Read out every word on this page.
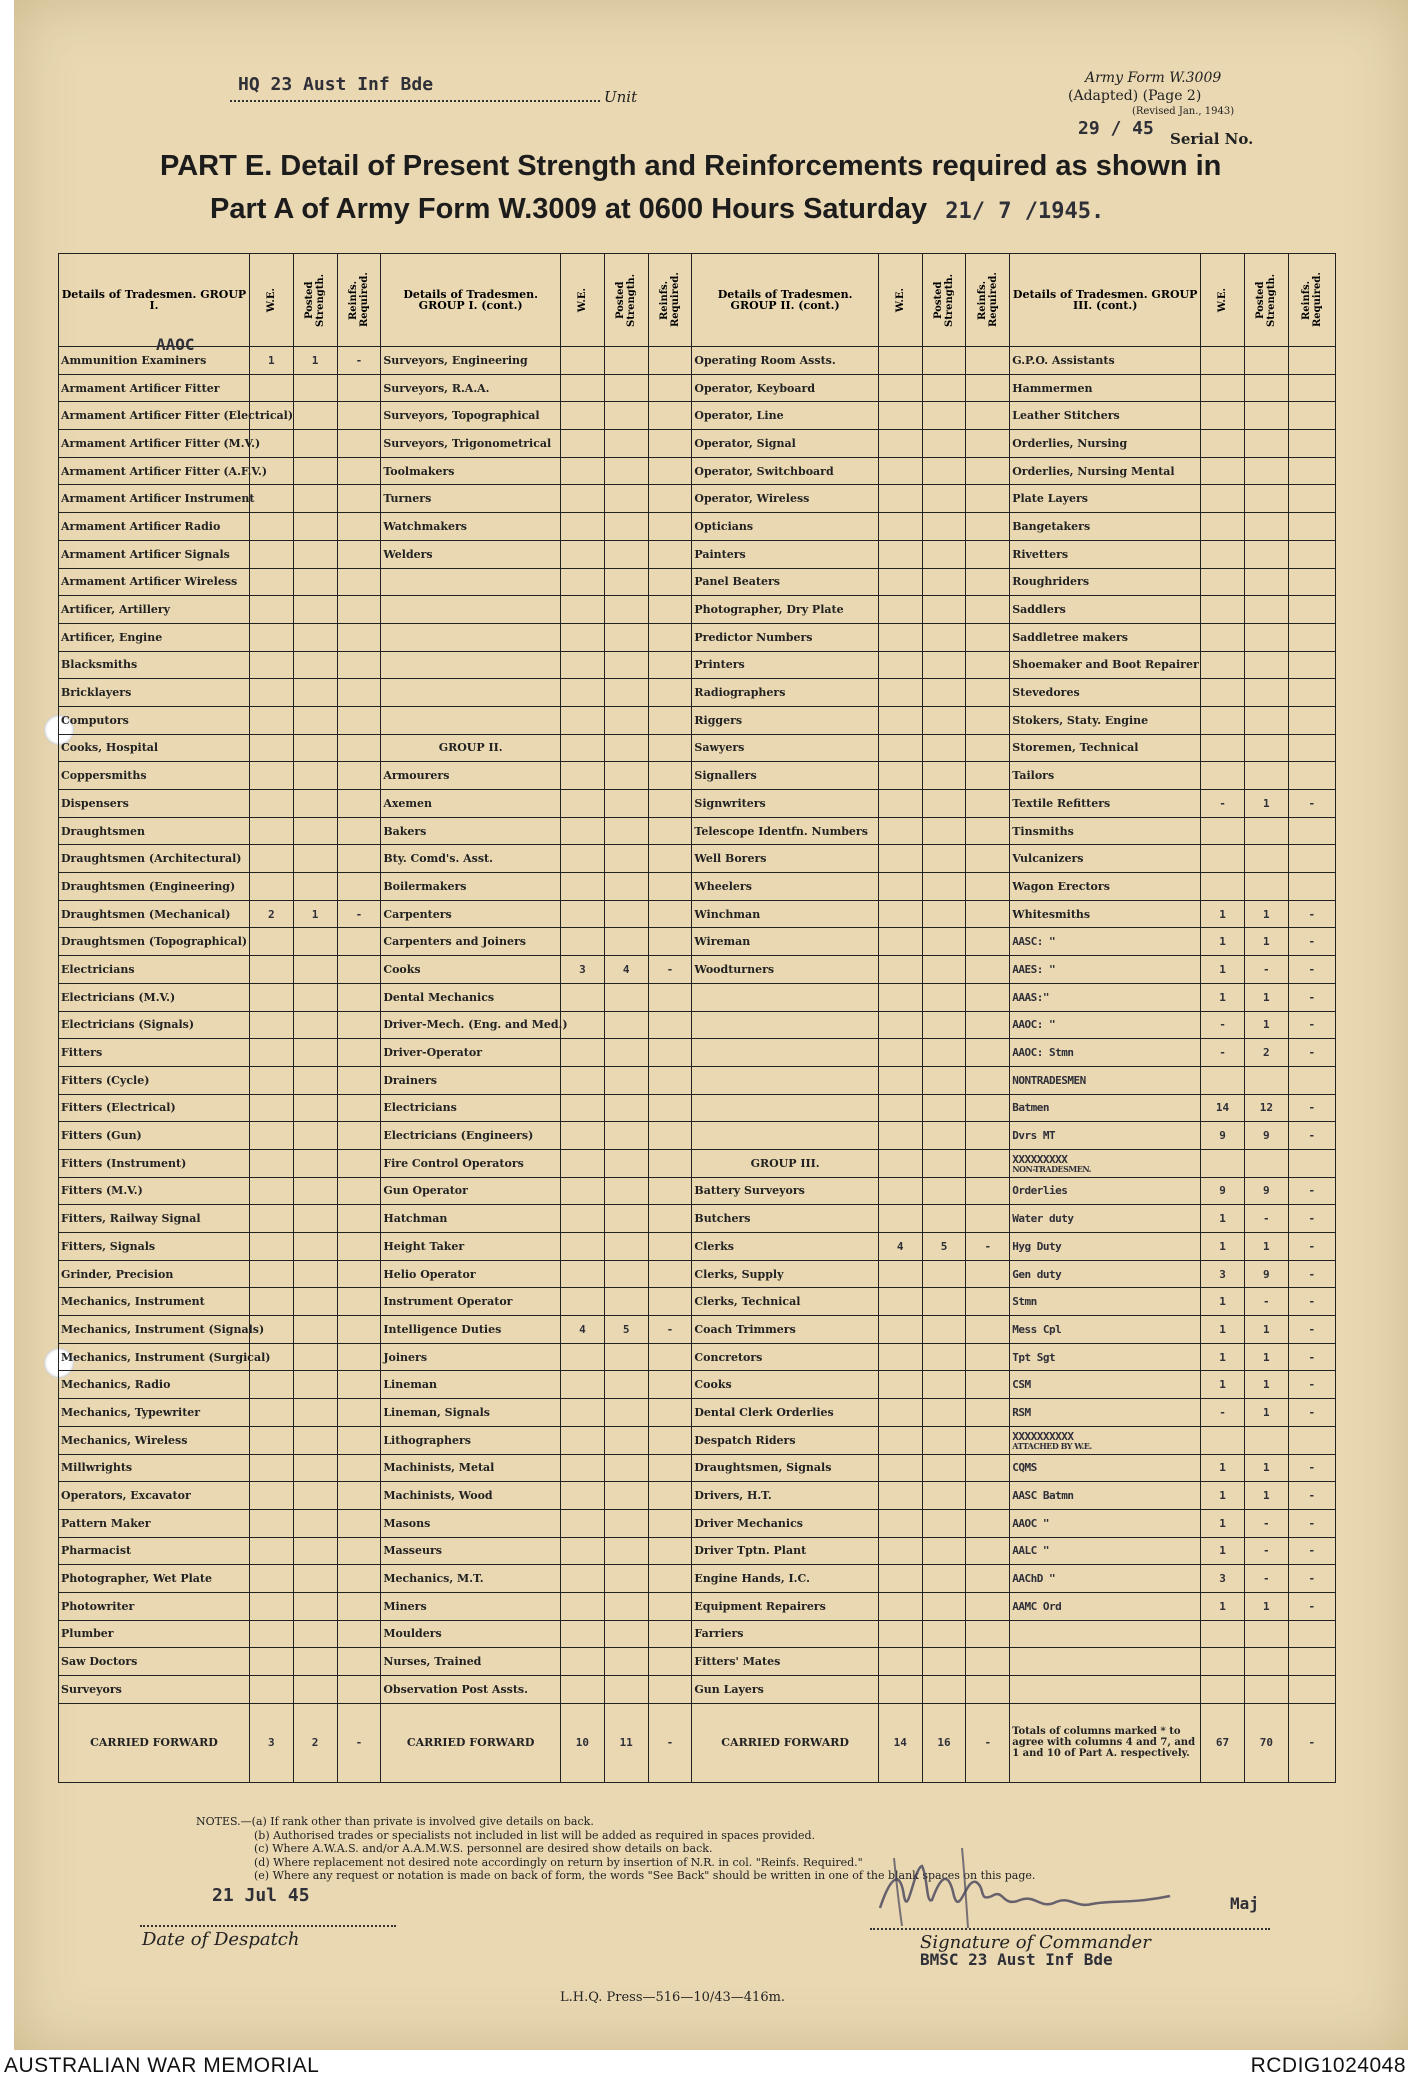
HQ 23 Aust Inf Bde
Unit
Army Form W.3009
(Adapted) (Page 2)
(Revised Jan., 1943)
29 / 45 Serial No.
PART E. Detail of Present Strength and Reinforcements required as shown in
Part A of Army Form W.3009 at 0600 Hours Saturday 21/ 7 /1945.
Details of Tradesmen. GROUP I.	W.E.	Posted Strength.	Reinfs. Required.	Details of Tradesmen. GROUP I. (cont.)	W.E.	Posted Strength.	Reinfs. Required.	Details of Tradesmen. GROUP II. (cont.)	W.E.	Posted Strength.	Reinfs. Required.	Details of Tradesmen. GROUP III. (cont.)	W.E.	Posted Strength.	Reinfs. Required.

Ammunition Examiners	1	1	-	Surveyors, Engineering				Operating Room Assts.				G.P.O. Assistants			
Armament Artificer Fitter				Surveyors, R.A.A.				Operator, Keyboard				Hammermen			
Armament Artificer Fitter (Electrical)				Surveyors, Topographical				Operator, Line				Leather Stitchers			
Armament Artificer Fitter (M.V.)				Surveyors, Trigonometrical				Operator, Signal				Orderlies, Nursing			
Armament Artificer Fitter (A.F.V.)				Toolmakers				Operator, Switchboard				Orderlies, Nursing Mental			
Armament Artificer Instrument				Turners				Operator, Wireless				Plate Layers			
Armament Artificer Radio				Watchmakers				Opticians				Bangetakers			
Armament Artificer Signals				Welders				Painters				Rivetters			
Armament Artificer Wireless								Panel Beaters				Roughriders			
Artificer, Artillery								Photographer, Dry Plate				Saddlers			
Artificer, Engine								Predictor Numbers				Saddletree makers			
Blacksmiths								Printers				Shoemaker and Boot Repairer			
Bricklayers								Radiographers				Stevedores			
Computors								Riggers				Stokers, Staty. Engine			
Cooks, Hospital				GROUP II.				Sawyers				Storemen, Technical			
Coppersmiths				Armourers				Signallers				Tailors			
Dispensers				Axemen				Signwriters				Textile Refitters	-	1	-
Draughtsmen				Bakers				Telescope Identfn. Numbers				Tinsmiths			
Draughtsmen (Architectural)				Bty. Comd's. Asst.				Well Borers				Vulcanizers			
Draughtsmen (Engineering)				Boilermakers				Wheelers				Wagon Erectors			
Draughtsmen (Mechanical)	2	1	-	Carpenters				Winchman				Whitesmiths	1	1	-
Draughtsmen (Topographical)				Carpenters and Joiners				Wireman				AASC: "	1	1	-
Electricians				Cooks	3	4	-	Woodturners				AAES: "	1	-	-
Electricians (M.V.)				Dental Mechanics								AAAS:"	1	1	-
Electricians (Signals)				Driver-Mech. (Eng. and Med.)								AAOC: "	-	1	-
Fitters				Driver-Operator								AAOC: Stmn	-	2	-
Fitters (Cycle)				Drainers								NONTRADESMEN			
Fitters (Electrical)				Electricians								Batmen	14	12	-
Fitters (Gun)				Electricians (Engineers)								Dvrs MT	9	9	-
Fitters (Instrument)				Fire Control Operators				GROUP III.				XXXXXXXXX
NON-TRADESMEN.			

Fitters (M.V.)				Gun Operator				Battery Surveyors				Orderlies	9	9	-
Fitters, Railway Signal				Hatchman				Butchers				Water duty	1	-	-
Fitters, Signals				Height Taker				Clerks	4	5	-	Hyg Duty	1	1	-
Grinder, Precision				Helio Operator				Clerks, Supply				Gen duty	3	9	-
Mechanics, Instrument				Instrument Operator				Clerks, Technical				Stmn	1	-	-
Mechanics, Instrument (Signals)				Intelligence Duties	4	5	-	Coach Trimmers				Mess Cpl	1	1	-
Mechanics, Instrument (Surgical)				Joiners				Concretors				Tpt Sgt	1	1	-
Mechanics, Radio				Lineman				Cooks				CSM	1	1	-
Mechanics, Typewriter				Lineman, Signals				Dental Clerk Orderlies				RSM	-	1	-
Mechanics, Wireless				Lithographers				Despatch Riders				XXXXXXXXXX
ATTACHED BY W.E.			

Millwrights				Machinists, Metal				Draughtsmen, Signals				CQMS	1	1	-
Operators, Excavator				Machinists, Wood				Drivers, H.T.				AASC Batmn	1	1	-
Pattern Maker				Masons				Driver Mechanics				AAOC "	1	-	-
Pharmacist				Masseurs				Driver Tptn. Plant				AALC "	1	-	-
Photographer, Wet Plate				Mechanics, M.T.				Engine Hands, I.C.				AAChD "	3	-	-
Photowriter				Miners				Equipment Repairers				AAMC Ord	1	1	-
Plumber				Moulders				Farriers							
Saw Doctors				Nurses, Trained				Fitters' Mates							
Surveyors				Observation Post Assts.				Gun Layers							
CARRIED FORWARD	3	2	-	CARRIED FORWARD	10	11	-	CARRIED FORWARD	14	16	-	Totals of columns marked * to agree with columns 4 and 7, and 1 and 10 of Part A. respectively.	67	70	-
AAOC
NOTES.—(a) If rank other than private is involved give details on back.
(b) Authorised trades or specialists not included in list will be added as required in spaces provided.
(c) Where A.W.A.S. and/or A.A.M.W.S. personnel are desired show details on back.
(d) Where replacement not desired note accordingly on return by insertion of N.R. in col. "Reinfs. Required."
(e) Where any request or notation is made on back of form, the words "See Back" should be written in one of the blank spaces on this page.
21 Jul 45
Date of Despatch
Maj
Signature of Commander
BMSC 23 Aust Inf Bde
L.H.Q. Press—516—10/43—416m.
AUSTRALIAN WAR MEMORIAL	RCDIG1024048
